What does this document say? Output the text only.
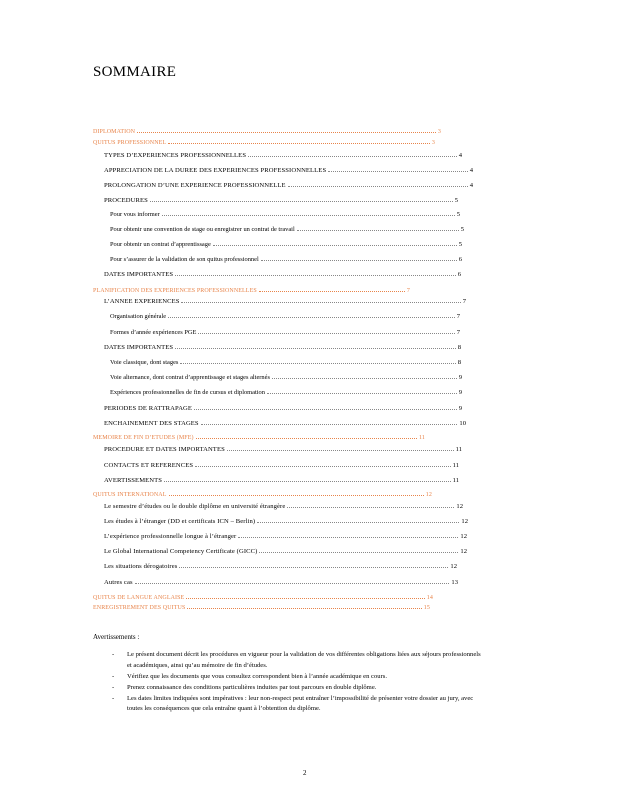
SOMMAIRE
DIPLOMATION	3
QUITUS PROFESSIONNEL	3
TYPES D’EXPERIENCES PROFESSIONNELLES	4
APPRECIATION DE LA DUREE DES EXPERIENCES PROFESSIONNELLES	4
PROLONGATION D’UNE EXPERIENCE PROFESSIONNELLE	4
PROCEDURES	5
Pour vous informer	5
Pour obtenir une convention de stage ou enregistrer un contrat de travail	5
Pour obtenir un contrat d’apprentissage	5
Pour s’assurer de la validation de son quitus professionnel	6
DATES IMPORTANTES	6
PLANIFICATION DES EXPERIENCES PROFESSIONNELLES	7
L’ANNEE EXPERIENCES	7
Organisation générale	7
Formes d’année expériences PGE	7
DATES IMPORTANTES	8
Voie classique, dont stages	8
Voie alternance, dont contrat d’apprentissage et stages alternés	9
Expériences professionnelles de fin de cursus et diplomation	9
PERIODES DE RATTRAPAGE	9
ENCHAINEMENT DES STAGES	10
MEMOIRE DE FIN D’ETUDES (MFE)	11
PROCEDURE ET DATES IMPORTANTES	11
CONTACTS ET REFERENCES	11
AVERTISSEMENTS	11
QUITUS INTERNATIONAL	12
Le semestre d’études ou le double diplôme en université étrangère	12
Les études à l’étranger (DD et certificats ICN – Berlin)	12
L’expérience professionnelle longue à l’étranger	12
Le Global International Competency Certificate (GICC)	12
Les situations dérogatoires	12
Autres cas	13
QUITUS DE LANGUE ANGLAISE	14
ENREGISTREMENT DES QUITUS	15
Avertissements :
- Le présent document décrit les procédures en vigueur pour la validation de vos différentes obligations liées aux séjours professionnels et académiques, ainsi qu’au mémoire de fin d’études.
- Vérifiez que les documents que vous consultez correspondent bien à l’année académique en cours.
- Prenez connaissance des conditions particulières induites par tout parcours en double diplôme.
- Les dates limites indiquées sont impératives : leur non-respect peut entraîner l’impossibilité de présenter votre dossier au jury, avec toutes les conséquences que cela entraîne quant à l’obtention du diplôme.
2
